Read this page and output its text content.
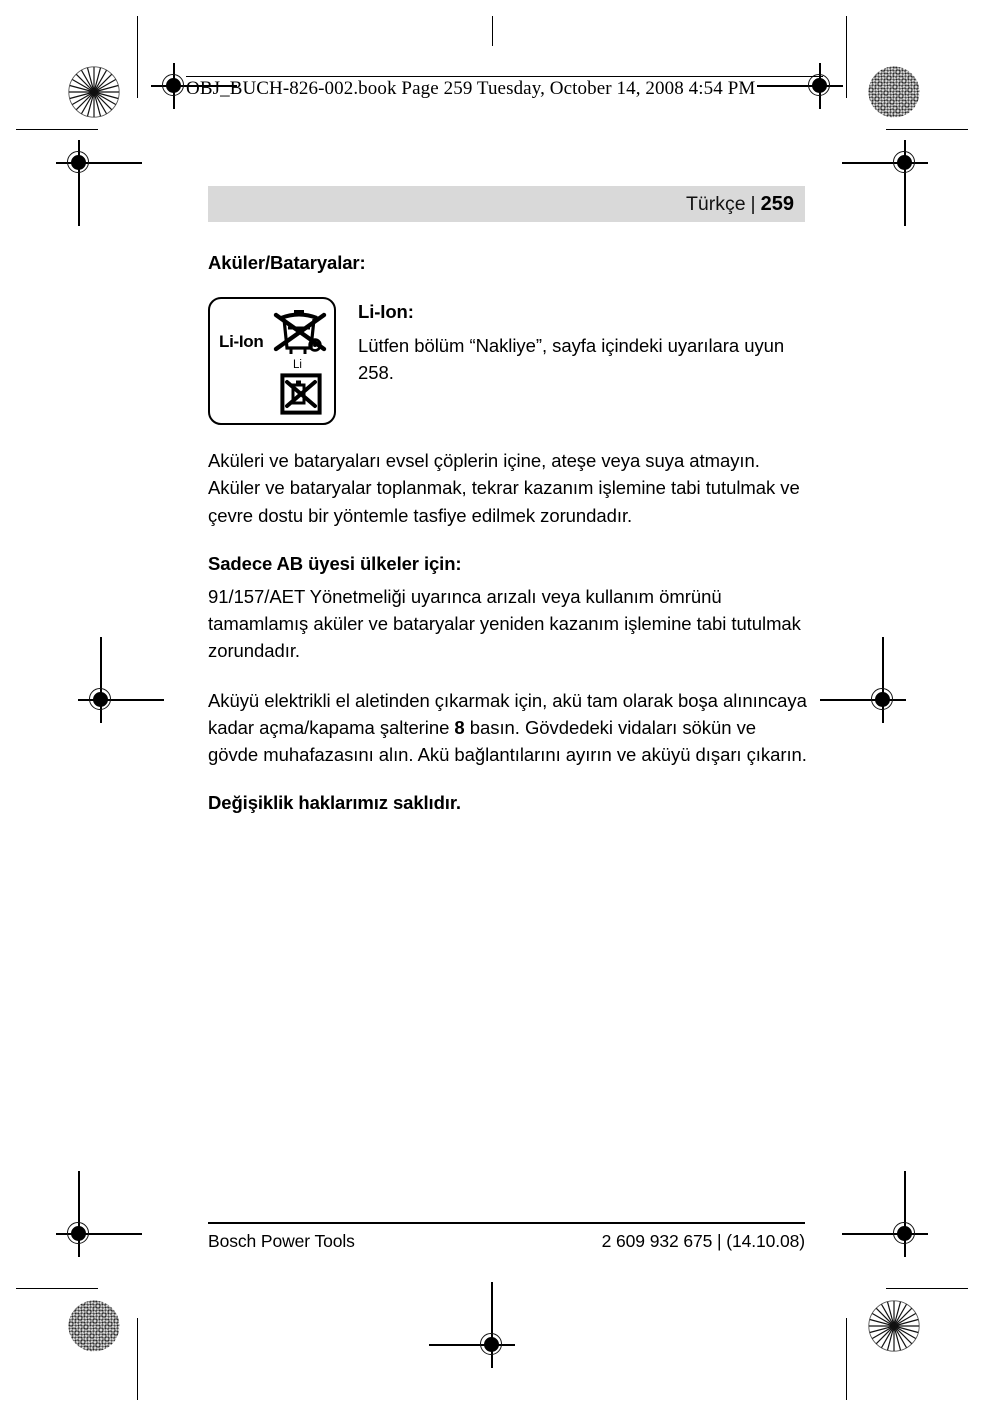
OBJ_BUCH-826-002.book Page 259 Tuesday, October 14, 2008 4:54 PM
Türkçe | 259
Aküler/Bataryalar:
Li-Ion
Li
Li-Ion:

Lütfen bölüm “Nakliye”, sayfa içindeki uyarılara uyun 258.

Aküleri ve bataryaları evsel çöplerin içine, ateşe veya suya atmayın. Aküler ve bataryalar toplanmak, tekrar kazanım işlemine tabi tutulmak ve çevre dostu bir yöntemle tasfiye edilmek zorundadır.

Sadece AB üyesi ülkeler için:

91/157/AET Yönetmeliği uyarınca arızalı veya kullanım ömrünü tamamlamış aküler ve bataryalar yeniden kazanım işlemine tabi tutulmak zorundadır.

Aküyü elektrikli el aletinden çıkarmak için, akü tam olarak boşa alınıncaya kadar açma/kapama şalterine 8 basın. Gövdedeki vidaları sökün ve gövde muhafazasını alın. Akü bağlantılarını ayırın ve aküyü dışarı çıkarın.

Değişiklik haklarımız saklıdır.
Bosch Power Tools	2 609 932 675 | (14.10.08)
